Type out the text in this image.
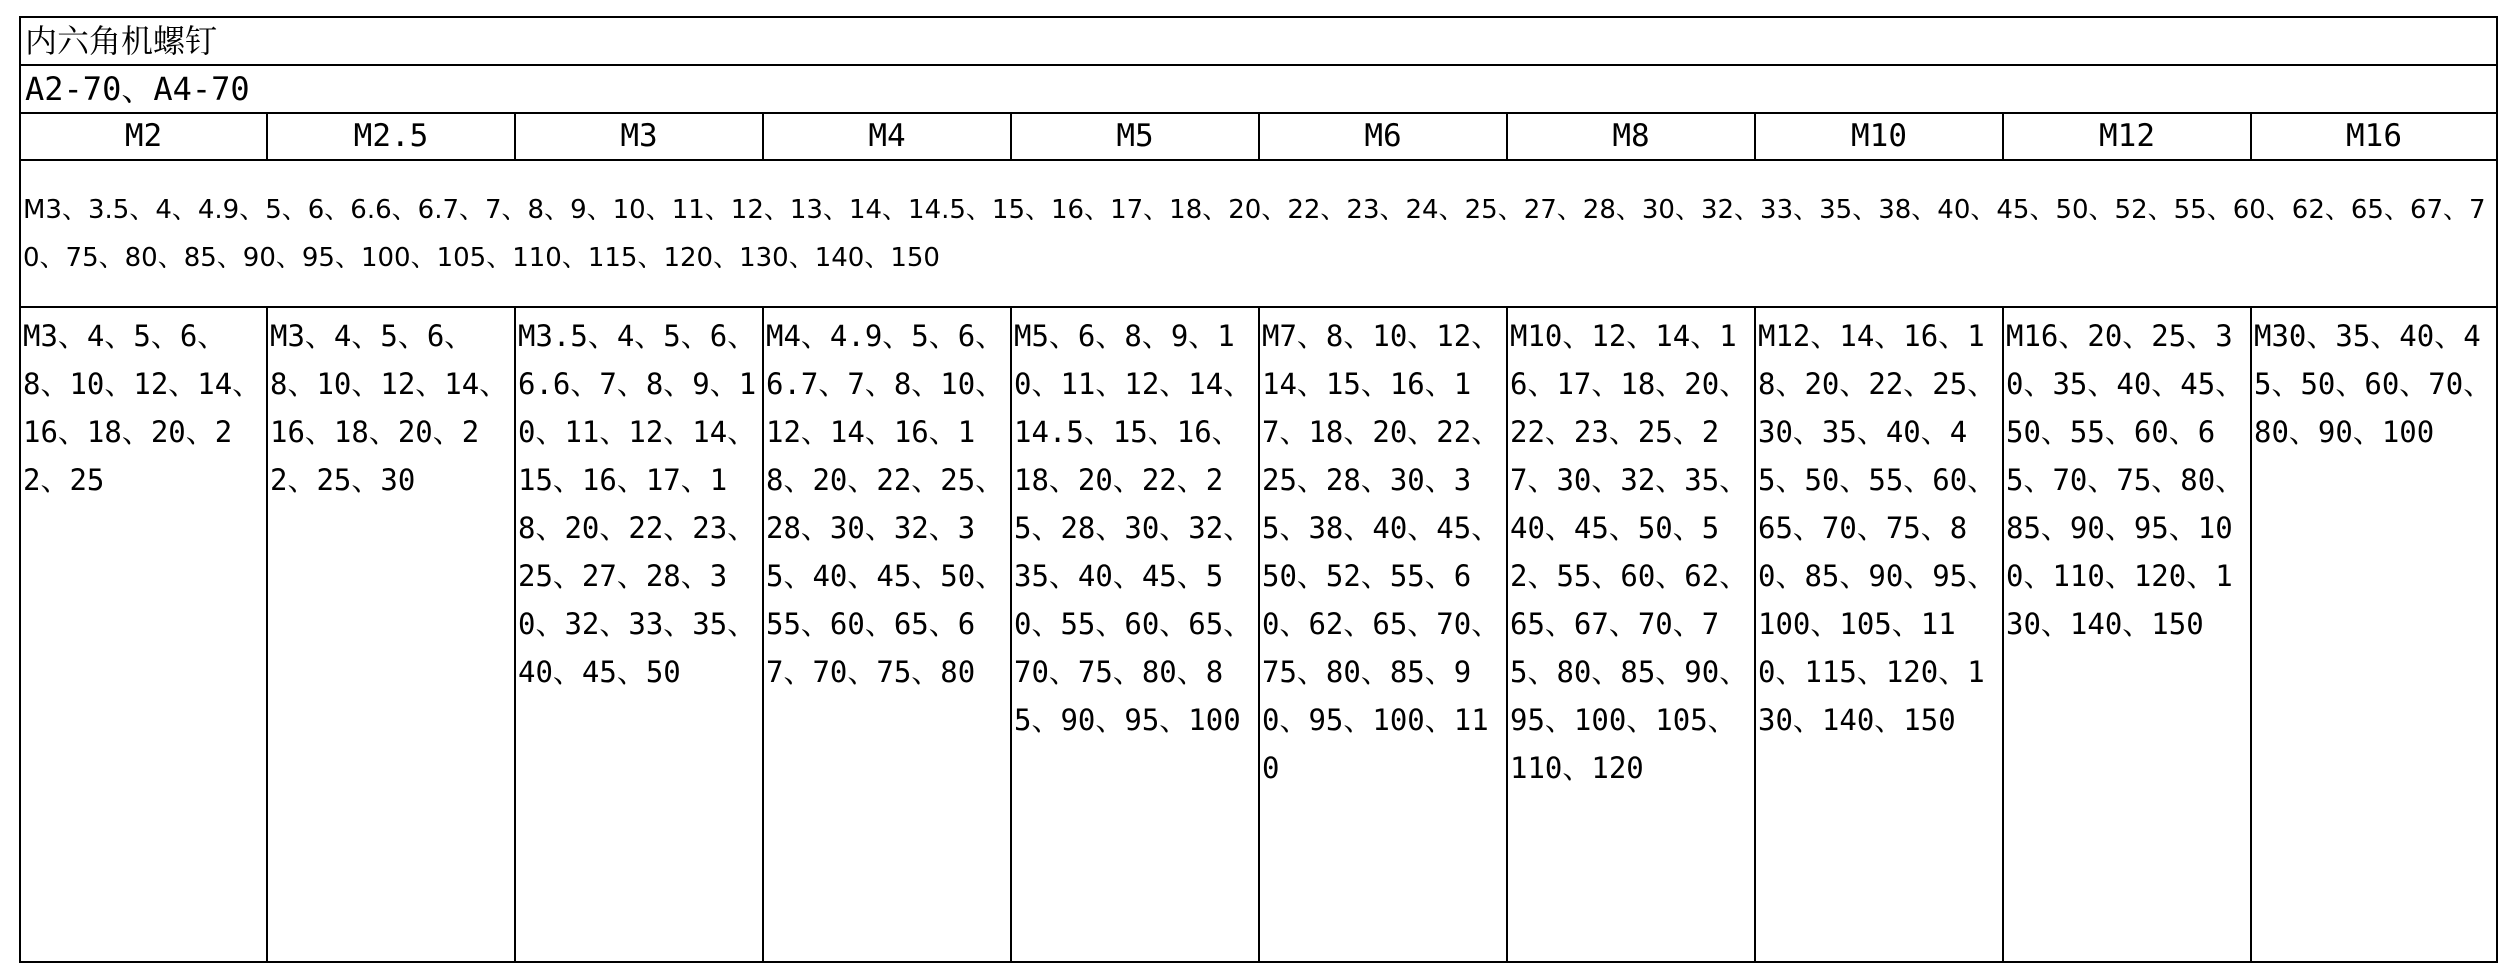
内六角机螺钉									
A2-70、A4-70									
M2	M2.5	M3	M4	M5	M6	M8	M10	M12	M16
M3、3.5、4、4.9、5、6、6.6、6.7、7、8、9、10、11、12、13、14、14.5、15、16、17、18、20、22、23、24、25、27、28、30、32、33、35、38、40、45、50、52、55、60、62、65、67、70、75、80、85、90、95、100、105、110、115、120、130、140、150									
M3、4、5、6、8、10、12、14、16、18、20、22、25	M3、4、5、6、8、10、12、14、16、18、20、22、25、30	M3.5、4、5、6、6.6、7、8、9、10、11、12、14、15、16、17、18、20、22、23、25、27、28、30、32、33、35、40、45、50	M4、4.9、5、6、6.7、7、8、10、12、14、16、18、20、22、25、28、30、32、35、40、45、50、55、60、65、67、70、75、80	M5、6、8、9、10、11、12、14、14.5、15、16、18、20、22、25、28、30、32、35、40、45、50、55、60、65、70、75、80、85、90、95、100	M7、8、10、12、14、15、16、17、18、20、22、25、28、30、35、38、40、45、50、52、55、60、62、65、70、75、80、85、90、95、100、110	M10、12、14、16、17、18、20、22、23、25、27、30、32、35、40、45、50、52、55、60、62、65、67、70、75、80、85、90、95、100、105、110、120	M12、14、16、18、20、22、25、30、35、40、45、50、55、60、65、70、75、80、85、90、95、100、105、110、115、120、130、140、150	M16、20、25、30、35、40、45、50、55、60、65、70、75、80、85、90、95、100、110、120、130、140、150	M30、35、40、45、50、60、70、80、90、100
